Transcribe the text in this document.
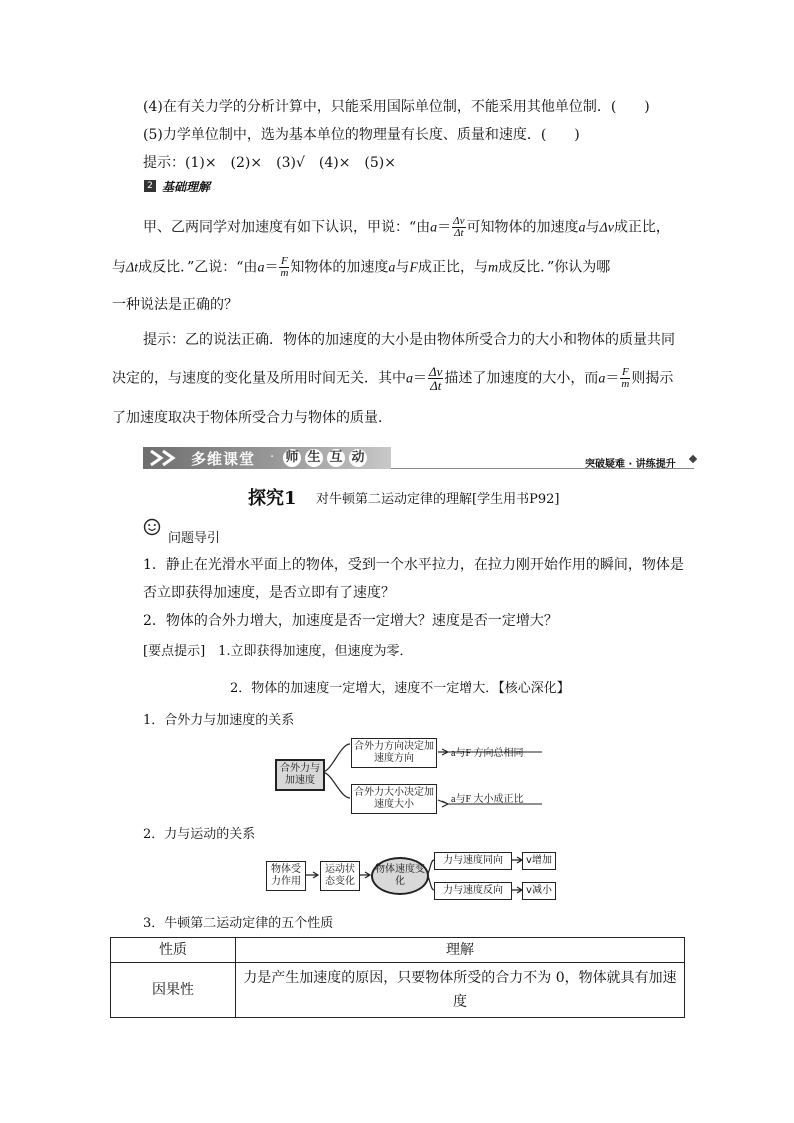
(4)在有关力学的分析计算中，只能采用国际单位制，不能采用其他单位制．(　　)
(5)力学单位制中，选为基本单位的物理量有长度、质量和速度．(　　)
提示：(1)×　(2)×　(3)√　(4)×　(5)×
2 基础理解
甲、乙两同学对加速度有如下认识，甲说：“由$a= \frac{\Delta v}{\Delta t}$ 可知物体的加速度a与Δv成正比，
与Δt成反比．”乙说：“由$a= \frac{F}{m}$ 知物体的加速度a与F成正比，与m成反比．”你认为哪
一种说法是正确的？
提示：乙的说法正确．物体的加速度的大小是由物体所受合力的大小和物体的质量共同
决定的，与速度的变化量及所用时间无关．其中$a= \frac{\Delta v}{\Delta t}$ 描述了加速度的大小，而$a= \frac{F}{m}$ 则揭示
了加速度取决于物体所受合力与物体的质量．
多维课堂 · 师 生 互 动	突破疑难 · 讲练提升
探究1 对牛顿第二运动定律的理解[学生用书P92]
问题导引
1．静止在光滑水平面上的物体，受到一个水平拉力，在拉力刚开始作用的瞬间，物体是
否立即获得加速度，是否立即有了速度？
2．物体的合外力增大，加速度是否一定增大？速度是否一定增大？
[要点提示]　1.立即获得加速度，但速度为零．
2．物体的加速度一定增大，速度不一定增大．【核心深化】
1．合外力与加速度的关系
合外力与加速度
合外力方向决定加速度方向
合外力大小决定加速度大小
a与F 方向总相同
a与F 大小成正比
2．力与运动的关系
物体受力作用
运动状态变化
物体速度变化
力与速度同向
力与速度反向
v增加
v减小
3．牛顿第二运动定律的五个性质
性质	理解
因果性	力是产生加速度的原因，只要物体所受的合力不为 0，物体就具有加速
度
